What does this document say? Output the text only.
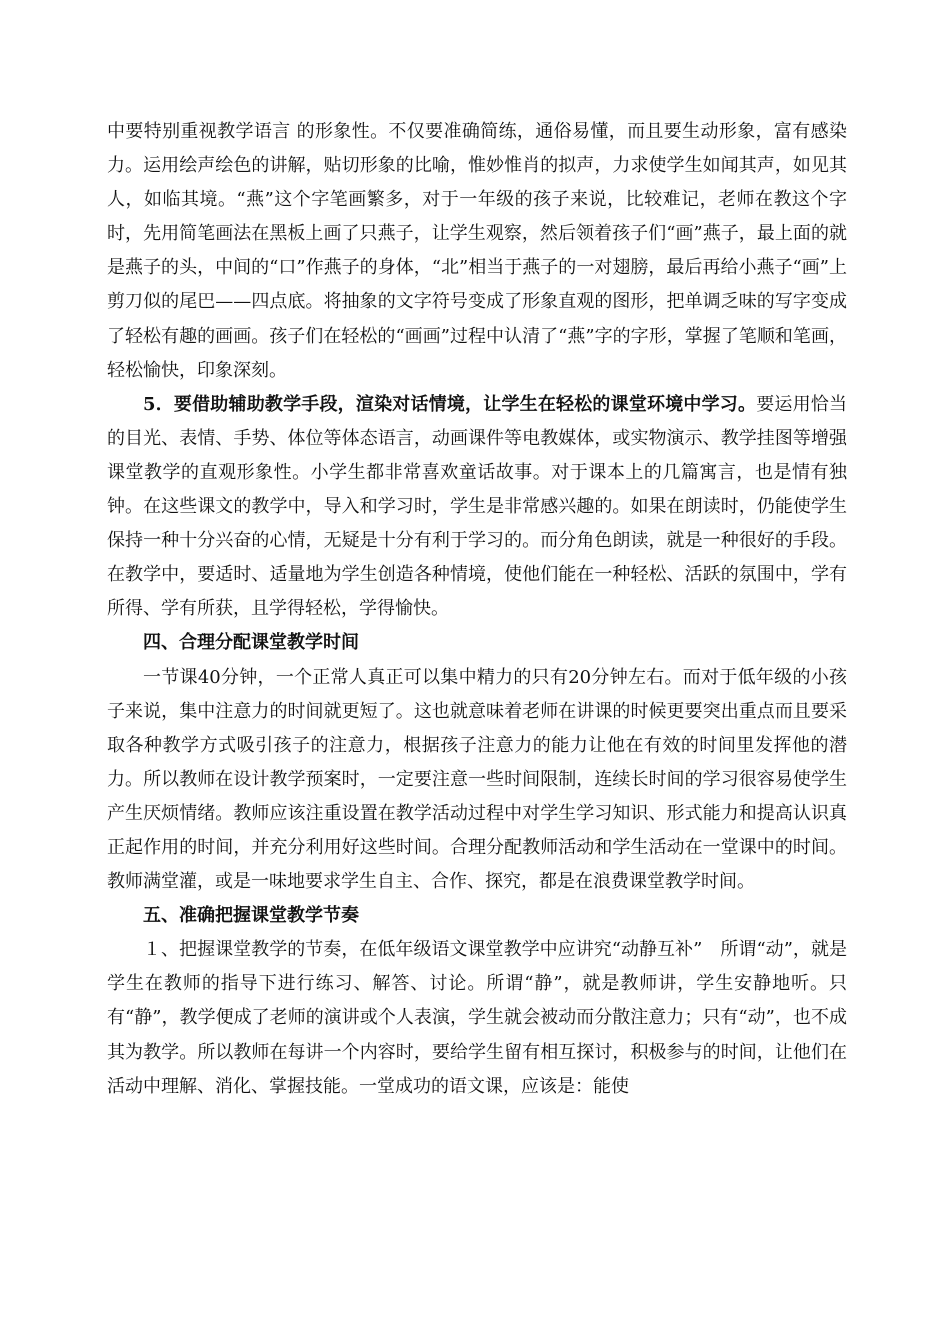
中要特别重视教学语言 的形象性。不仅要准确简练，通俗易懂，而且要生动形象，富有感染力。运用绘声绘色的讲解，贴切形象的比喻，惟妙惟肖的拟声，力求使学生如闻其声，如见其人，如临其境。“燕”这个字笔画繁多，对于一年级的孩子来说，比较难记，老师在教这个字时，先用简笔画法在黑板上画了只燕子，让学生观察，然后领着孩子们“画”燕子，最上面的就是燕子的头，中间的“口”作燕子的身体，“北”相当于燕子的一对翅膀，最后再给小燕子“画”上剪刀似的尾巴——四点底。将抽象的文字符号变成了形象直观的图形，把单调乏味的写字变成了轻松有趣的画画。孩子们在轻松的“画画”过程中认清了“燕”字的字形，掌握了笔顺和笔画，轻松愉快，印象深刻。

5．要借助辅助教学手段，渲染对话情境，让学生在轻松的课堂环境中学习。要运用恰当的目光、表情、手势、体位等体态语言，动画课件等电教媒体，或实物演示、教学挂图等增强课堂教学的直观形象性。小学生都非常喜欢童话故事。对于课本上的几篇寓言，也是情有独钟。在这些课文的教学中，导入和学习时，学生是非常感兴趣的。如果在朗读时，仍能使学生保持一种十分兴奋的心情，无疑是十分有利于学习的。而分角色朗读，就是一种很好的手段。在教学中，要适时、适量地为学生创造各种情境，使他们能在一种轻松、活跃的氛围中，学有所得、学有所获，且学得轻松，学得愉快。

四、合理分配课堂教学时间

一节课40分钟，一个正常人真正可以集中精力的只有20分钟左右。而对于低年级的小孩子来说，集中注意力的时间就更短了。这也就意味着老师在讲课的时候更要突出重点而且要采取各种教学方式吸引孩子的注意力，根据孩子注意力的能力让他在有效的时间里发挥他的潜力。所以教师在设计教学预案时，一定要注意一些时间限制，连续长时间的学习很容易使学生产生厌烦情绪。教师应该注重设置在教学活动过程中对学生学习知识、形式能力和提高认识真正起作用的时间，并充分利用好这些时间。合理分配教师活动和学生活动在一堂课中的时间。教师满堂灌，或是一味地要求学生自主、合作、探究，都是在浪费课堂教学时间。

五、准确把握课堂教学节奏

１、把握课堂教学的节奏，在低年级语文课堂教学中应讲究“动静互补”　所谓“动”，就是学生在教师的指导下进行练习、解答、讨论。所谓“静”，就是教师讲，学生安静地听。只有“静”，教学便成了老师的演讲或个人表演，学生就会被动而分散注意力；只有“动”，也不成其为教学。所以教师在每讲一个内容时，要给学生留有相互探讨，积极参与的时间，让他们在活动中理解、消化、掌握技能。一堂成功的语文课，应该是：能使
